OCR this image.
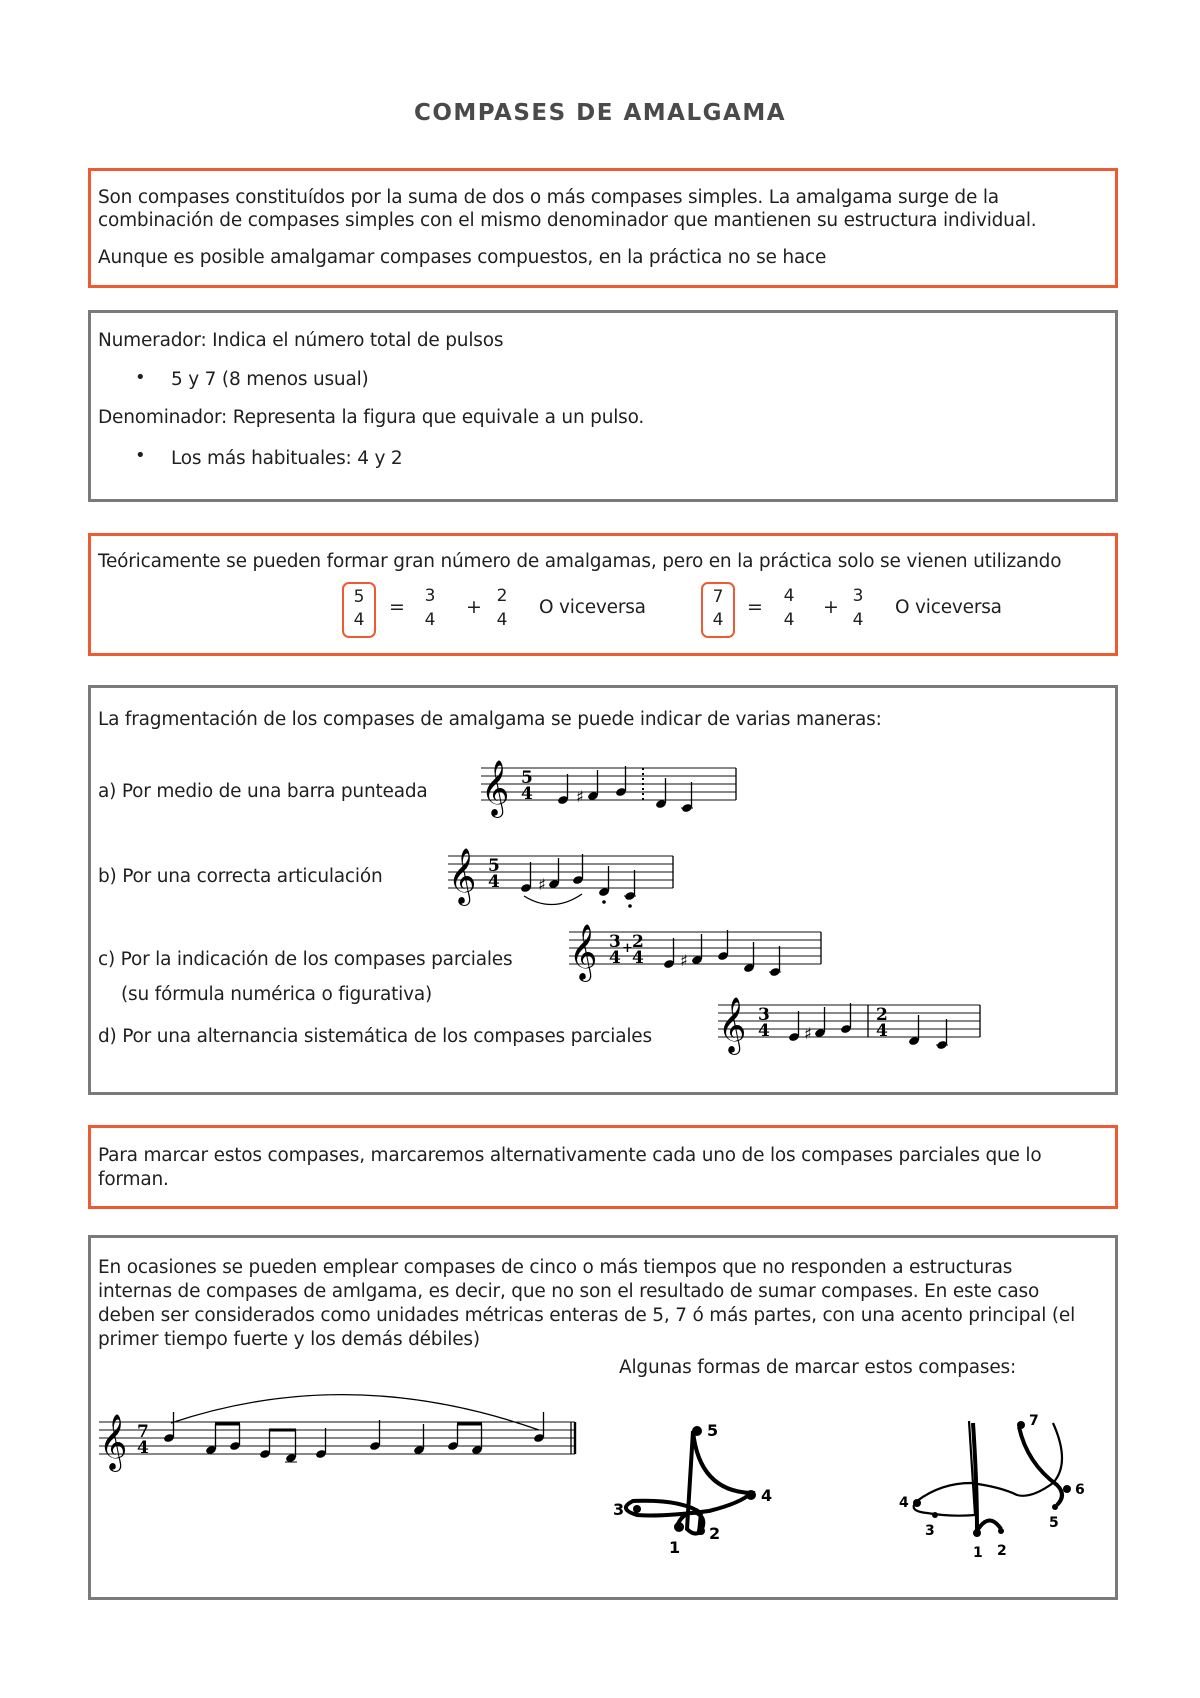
COMPASES DE AMALGAMA
Son compases constituídos por la suma de dos o más compases simples. La amalgama surge de la
combinación de compases simples con el mismo denominador que mantienen su estructura individual.
Aunque es posible amalgamar compases compuestos, en la práctica no se hace
Numerador: Indica el número total de pulsos
• 5 y 7 (8 menos usual)
Denominador: Representa la figura que equivale a un pulso.
• Los más habituales: 4 y 2
Teóricamente se pueden formar gran número de amalgamas, pero en la práctica solo se vienen utilizando
5
4
=	3
4
+ 2
4
O viceversa	7
4
=	4
4
+ 3
4
O viceversa
La fragmentación de los compases de amalgama se puede indicar de varias maneras:
a) Por medio de una barra punteada
b) Por una correcta articulación
c) Por la indicación de los compases parciales
(su fórmula numérica o figurativa)
d) Por una alternancia sistemática de los compases parciales
𝄞 5
4	♯
𝄞 5
4 ♯
𝄞 3
4 + 2
4 ♯
𝄞 3
4 ♯
2
4
Para marcar estos compases, marcaremos alternativamente cada uno de los compases parciales que lo
forman.
En ocasiones se pueden emplear compases de cinco o más tiempos que no responden a estructuras
internas de compases de amlgama, es decir, que no son el resultado de sumar compases. En este caso
deben ser considerados como unidades métricas enteras de 5, 7 ó más partes, con una acento principal (el
primer tiempo fuerte y los demás débiles)
Algunas formas de marcar estos compases:
𝄞 7
4
1
2
3
4
5
1 2
3
4
5
6
7
